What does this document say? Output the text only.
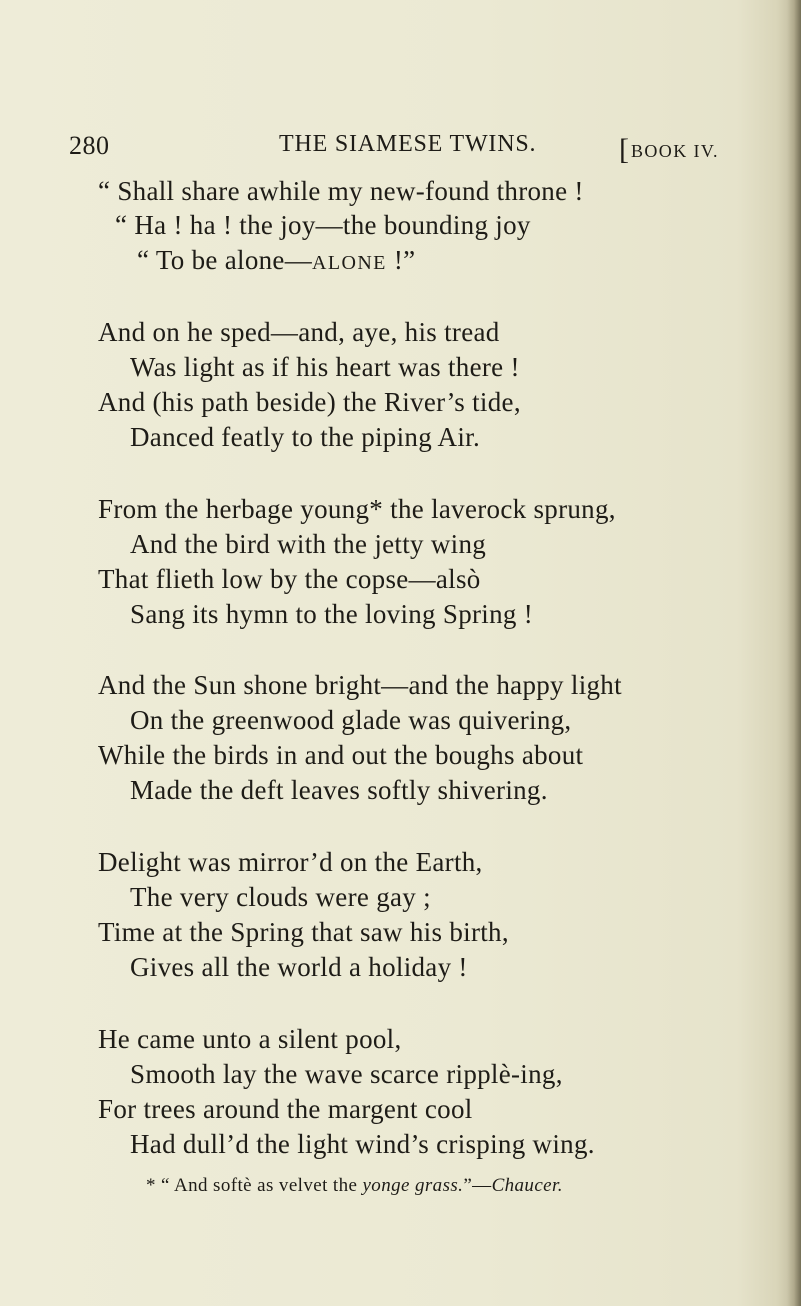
280	THE SIAMESE TWINS.	[ BOOK IV.
“ Shall share awhile my new-found throne !
“ Ha ! ha ! the joy—the bounding joy
“ To be alone—ALONE !”
And on he sped—and, aye, his tread
Was light as if his heart was there !
And (his path beside) the River’s tide,
Danced featly to the piping Air.
From the herbage young* the laverock sprung,
And the bird with the jetty wing
That flieth low by the copse—alsò
Sang its hymn to the loving Spring !
And the Sun shone bright—and the happy light
On the greenwood glade was quivering,
While the birds in and out the boughs about
Made the deft leaves softly shivering.
Delight was mirror’d on the Earth,
The very clouds were gay ;
Time at the Spring that saw his birth,
Gives all the world a holiday !
He came unto a silent pool,
Smooth lay the wave scarce ripplè-ing,
For trees around the margent cool
Had dull’d the light wind’s crisping wing.
* “ And softè as velvet the yonge grass.”—Chaucer.
